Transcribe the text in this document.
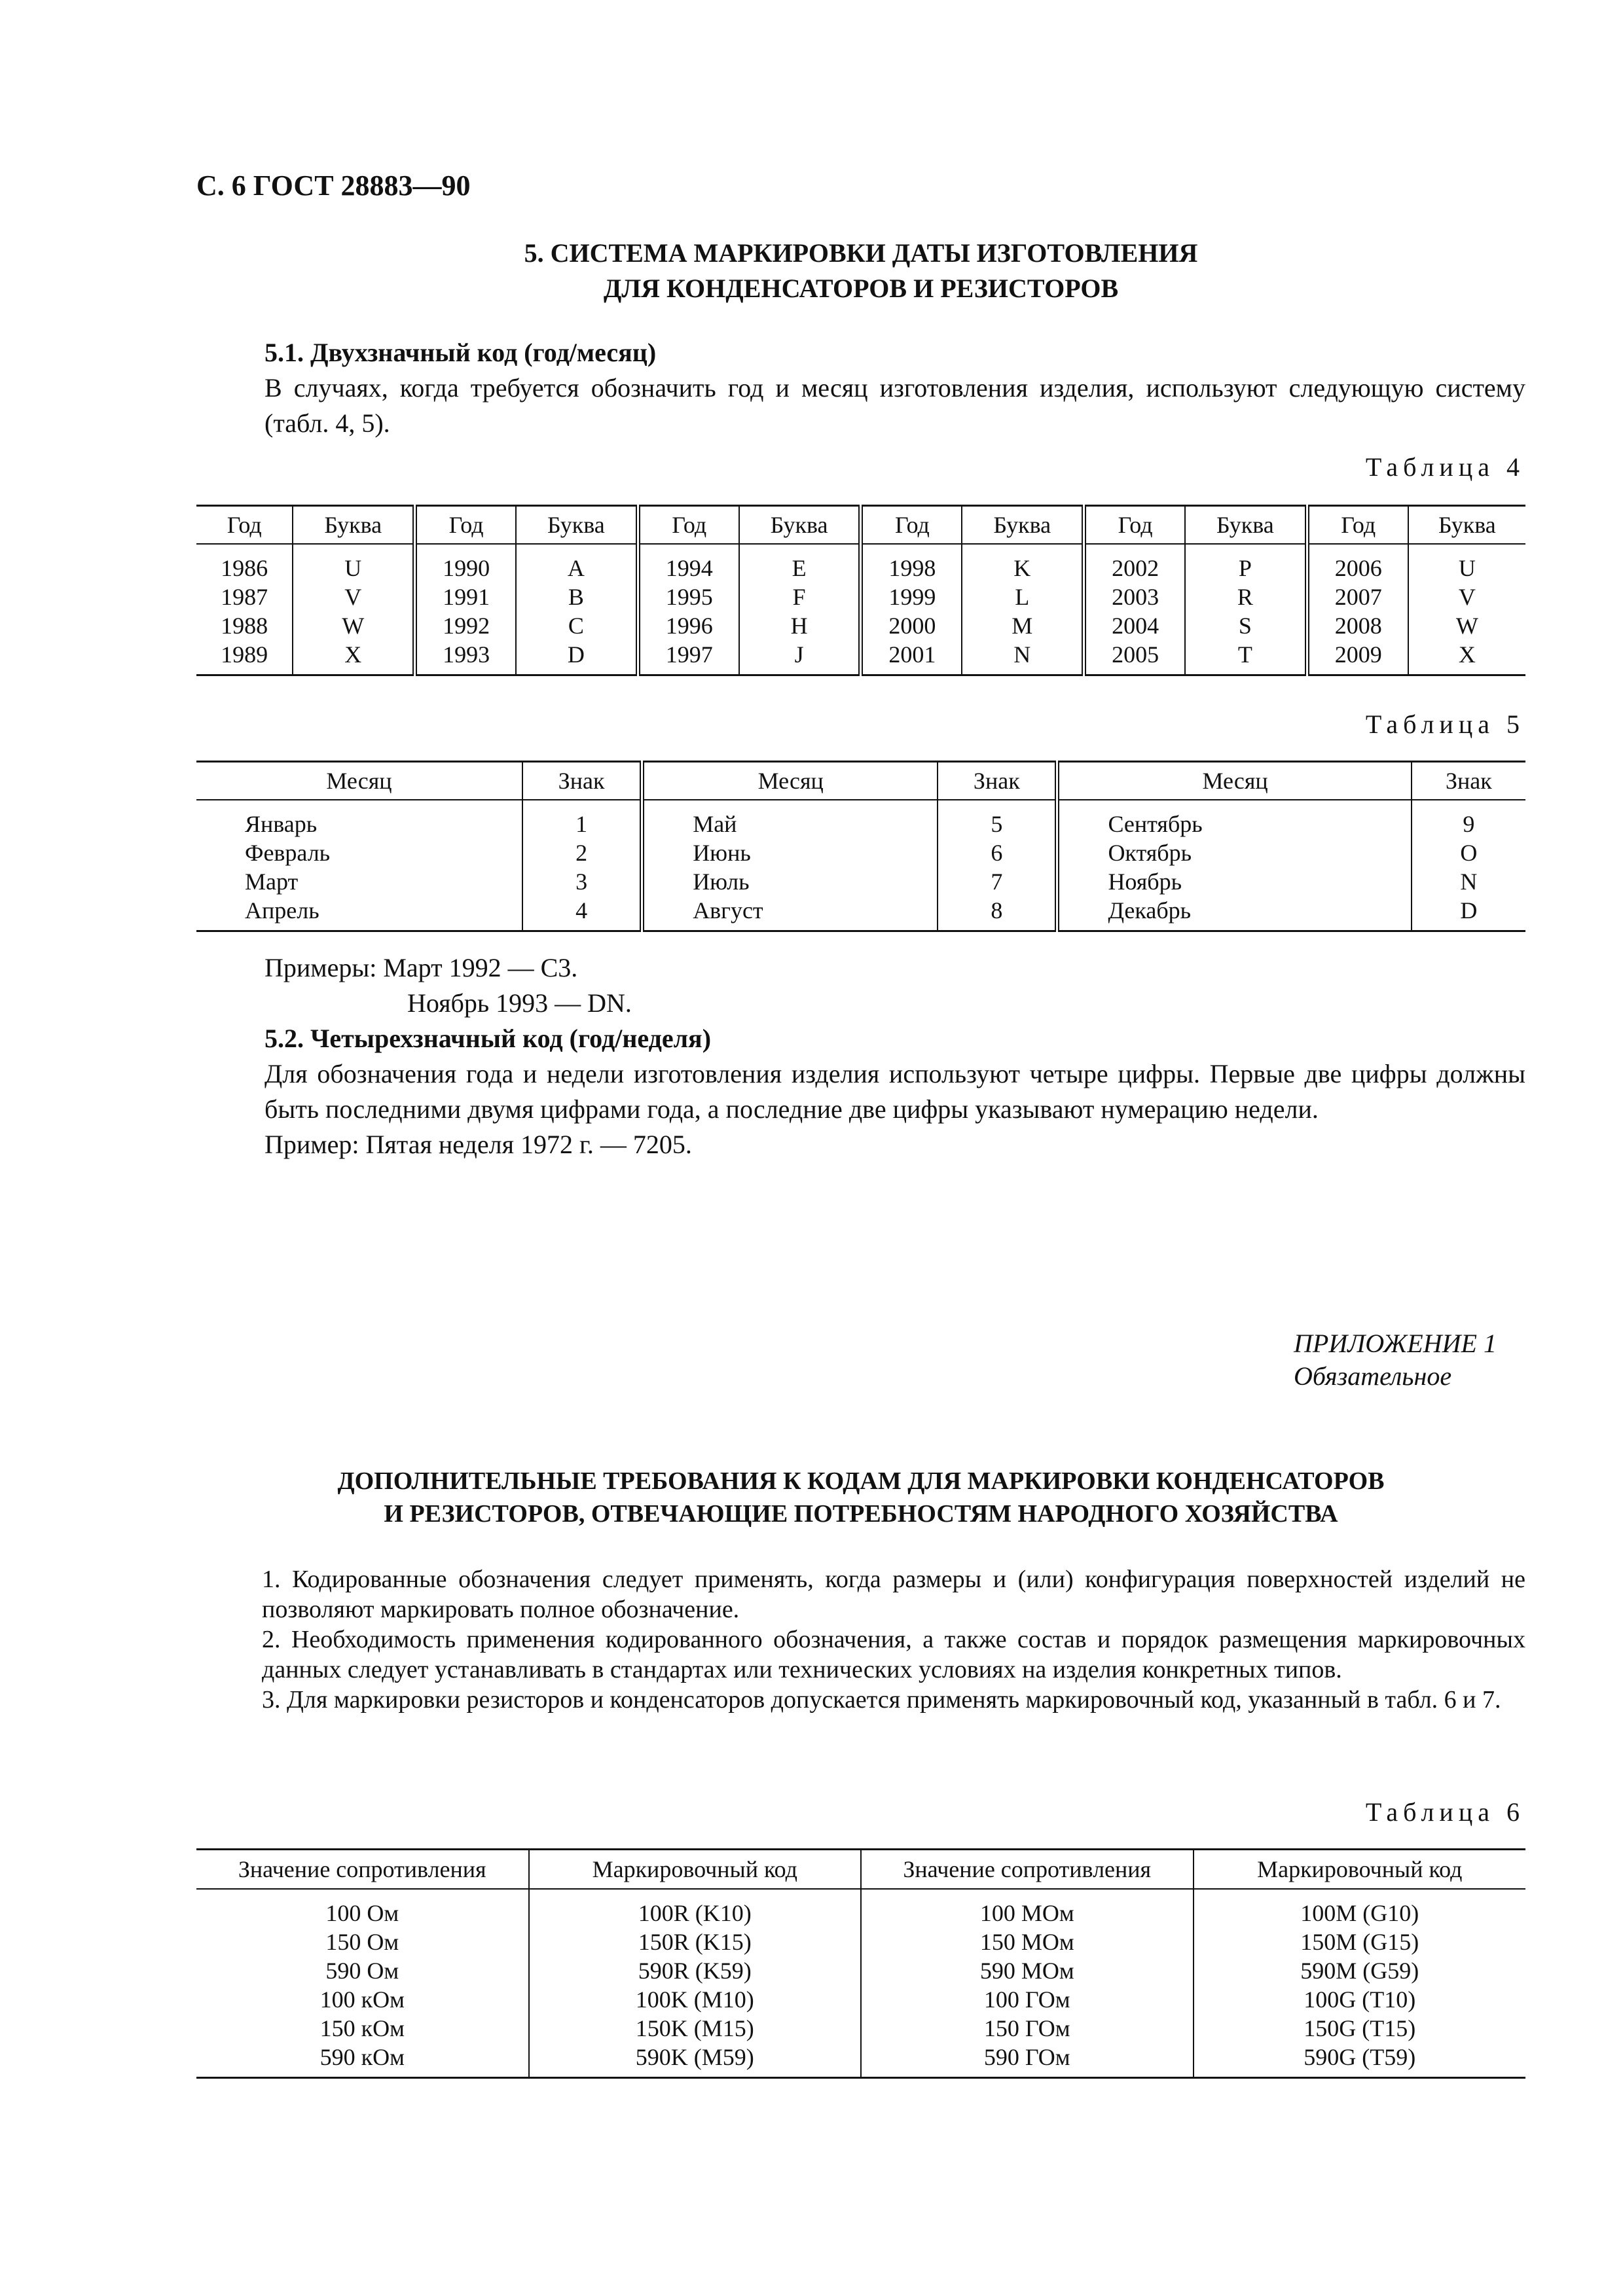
С. 6 ГОСТ 28883—90
5. СИСТЕМА МАРКИРОВКИ ДАТЫ ИЗГОТОВЛЕНИЯ
ДЛЯ КОНДЕНСАТОРОВ И РЕЗИСТОРОВ
5.1. Двухзначный код (год/месяц)
В случаях, когда требуется обозначить год и месяц изготовления изделия, используют следующую систему (табл. 4, 5).
Таблица 4
Год	Буква	Год	Буква	Год	Буква	Год	Буква	Год	Буква	Год	Буква
1986	U	1990	A	1994	E	1998	K	2002	P	2006	U
1987	V	1991	B	1995	F	1999	L	2003	R	2007	V
1988	W	1992	C	1996	H	2000	M	2004	S	2008	W
1989	X	1993	D	1997	J	2001	N	2005	T	2009	X
Таблица 5
Месяц	Знак	Месяц	Знак	Месяц	Знак
Январь	1	Май	5	Сентябрь	9
Февраль	2	Июнь	6	Октябрь	O
Март	3	Июль	7	Ноябрь	N
Апрель	4	Август	8	Декабрь	D
Примеры: Март 1992 — С3.
Ноябрь 1993 — DN.
5.2. Четырехзначный код (год/неделя)
Для обозначения года и недели изготовления изделия используют четыре цифры. Первые две цифры должны быть последними двумя цифрами года, а последние две цифры указывают нумерацию недели.
Пример: Пятая неделя 1972 г. — 7205.
ПРИЛОЖЕНИЕ 1
Обязательное
ДОПОЛНИТЕЛЬНЫЕ ТРЕБОВАНИЯ К КОДАМ ДЛЯ МАРКИРОВКИ КОНДЕНСАТОРОВ
И РЕЗИСТОРОВ, ОТВЕЧАЮЩИЕ ПОТРЕБНОСТЯМ НАРОДНОГО ХОЗЯЙСТВА
1. Кодированные обозначения следует применять, когда размеры и (или) конфигурация поверхностей изделий не позволяют маркировать полное обозначение.
2. Необходимость применения кодированного обозначения, а также состав и порядок размещения маркировочных данных следует устанавливать в стандартах или технических условиях на изделия конкретных типов.
3. Для маркировки резисторов и конденсаторов допускается применять маркировочный код, указанный в табл. 6 и 7.
Таблица 6
Значение сопротивления	Маркировочный код	Значение сопротивления	Маркировочный код
100 Ом	100R (K10)	100 МОм	100M (G10)
150 Ом	150R (K15)	150 МОм	150M (G15)
590 Ом	590R (K59)	590 МОм	590M (G59)
100 кОм	100K (M10)	100 ГОм	100G (T10)
150 кОм	150K (M15)	150 ГОм	150G (T15)
590 кОм	590K (M59)	590 ГОм	590G (T59)
